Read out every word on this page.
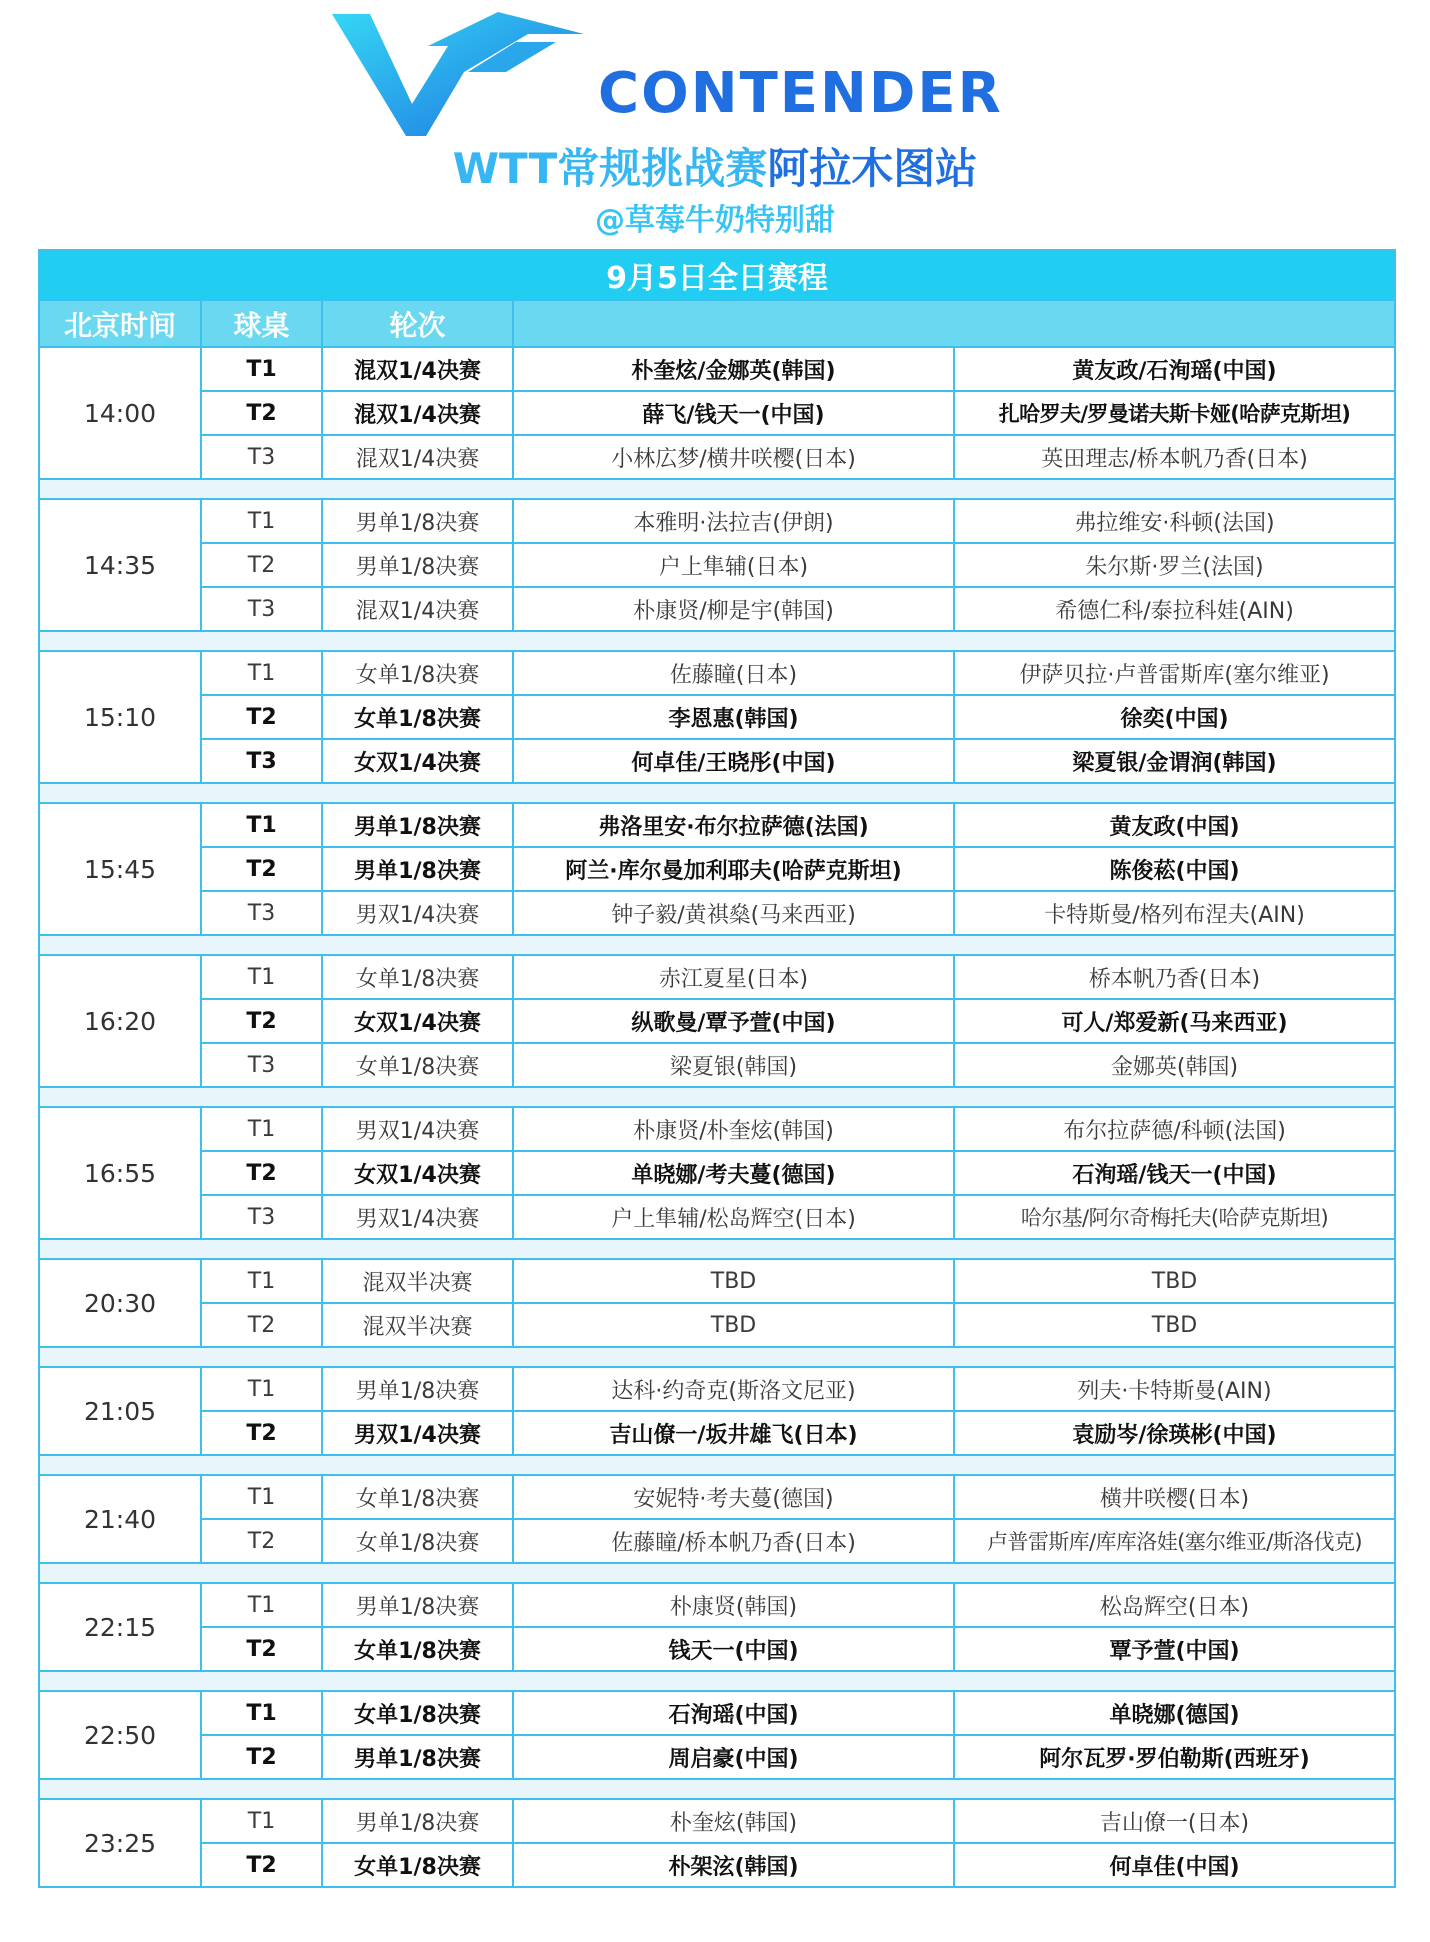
CONTENDER
WTT常规挑战赛阿拉木图站
@草莓牛奶特别甜
9月5日全日赛程				
北京时间	球桌	轮次		
14:00	T1	混双1/4决赛	朴奎炫/金娜英(韩国)	黄友政/石洵瑶(中国)
	T2	混双1/4决赛	薛飞/钱天一(中国)	扎哈罗夫/罗曼诺夫斯卡娅(哈萨克斯坦)
	T3	混双1/4决赛	小林広梦/横井咲樱(日本)	英田理志/桥本帆乃香(日本)

14:35	T1	男单1/8决赛	本雅明·法拉吉(伊朗)	弗拉维安·科顿(法国)
	T2	男单1/8决赛	户上隼辅(日本)	朱尔斯·罗兰(法国)
	T3	混双1/4决赛	朴康贤/柳是宇(韩国)	希德仁科/泰拉科娃(AIN)

15:10	T1	女单1/8决赛	佐藤瞳(日本)	伊萨贝拉·卢普雷斯库(塞尔维亚)
	T2	女单1/8决赛	李恩惠(韩国)	徐奕(中国)
	T3	女双1/4决赛	何卓佳/王晓彤(中国)	梁夏银/金谓润(韩国)

15:45	T1	男单1/8决赛	弗洛里安·布尔拉萨德(法国)	黄友政(中国)
	T2	男单1/8决赛	阿兰·库尔曼加利耶夫(哈萨克斯坦)	陈俊菘(中国)
	T3	男双1/4决赛	钟子毅/黄祺燊(马来西亚)	卡特斯曼/格列布涅夫(AIN)

16:20	T1	女单1/8决赛	赤江夏星(日本)	桥本帆乃香(日本)
	T2	女双1/4决赛	纵歌曼/覃予萱(中国)	可人/郑爱新(马来西亚)
	T3	女单1/8决赛	梁夏银(韩国)	金娜英(韩国)

16:55	T1	男双1/4决赛	朴康贤/朴奎炫(韩国)	布尔拉萨德/科顿(法国)
	T2	女双1/4决赛	单晓娜/考夫蔓(德国)	石洵瑶/钱天一(中国)
	T3	男双1/4决赛	户上隼辅/松岛辉空(日本)	哈尔基/阿尔奇梅托夫(哈萨克斯坦)

20:30	T1	混双半决赛	TBD	TBD
	T2	混双半决赛	TBD	TBD

21:05	T1	男单1/8决赛	达科·约奇克(斯洛文尼亚)	列夫·卡特斯曼(AIN)
	T2	男双1/4决赛	吉山僚一/坂井雄飞(日本)	袁励岑/徐瑛彬(中国)

21:40	T1	女单1/8决赛	安妮特·考夫蔓(德国)	横井咲樱(日本)
	T2	女单1/8决赛	佐藤瞳/桥本帆乃香(日本)	卢普雷斯库/库库洛娃(塞尔维亚/斯洛伐克)

22:15	T1	男单1/8决赛	朴康贤(韩国)	松岛辉空(日本)
	T2	女单1/8决赛	钱天一(中国)	覃予萱(中国)

22:50	T1	女单1/8决赛	石洵瑶(中国)	单晓娜(德国)
	T2	男单1/8决赛	周启豪(中国)	阿尔瓦罗·罗伯勒斯(西班牙)

23:25	T1	男单1/8决赛	朴奎炫(韩国)	吉山僚一(日本)
	T2	女单1/8决赛	朴架泫(韩国)	何卓佳(中国)
